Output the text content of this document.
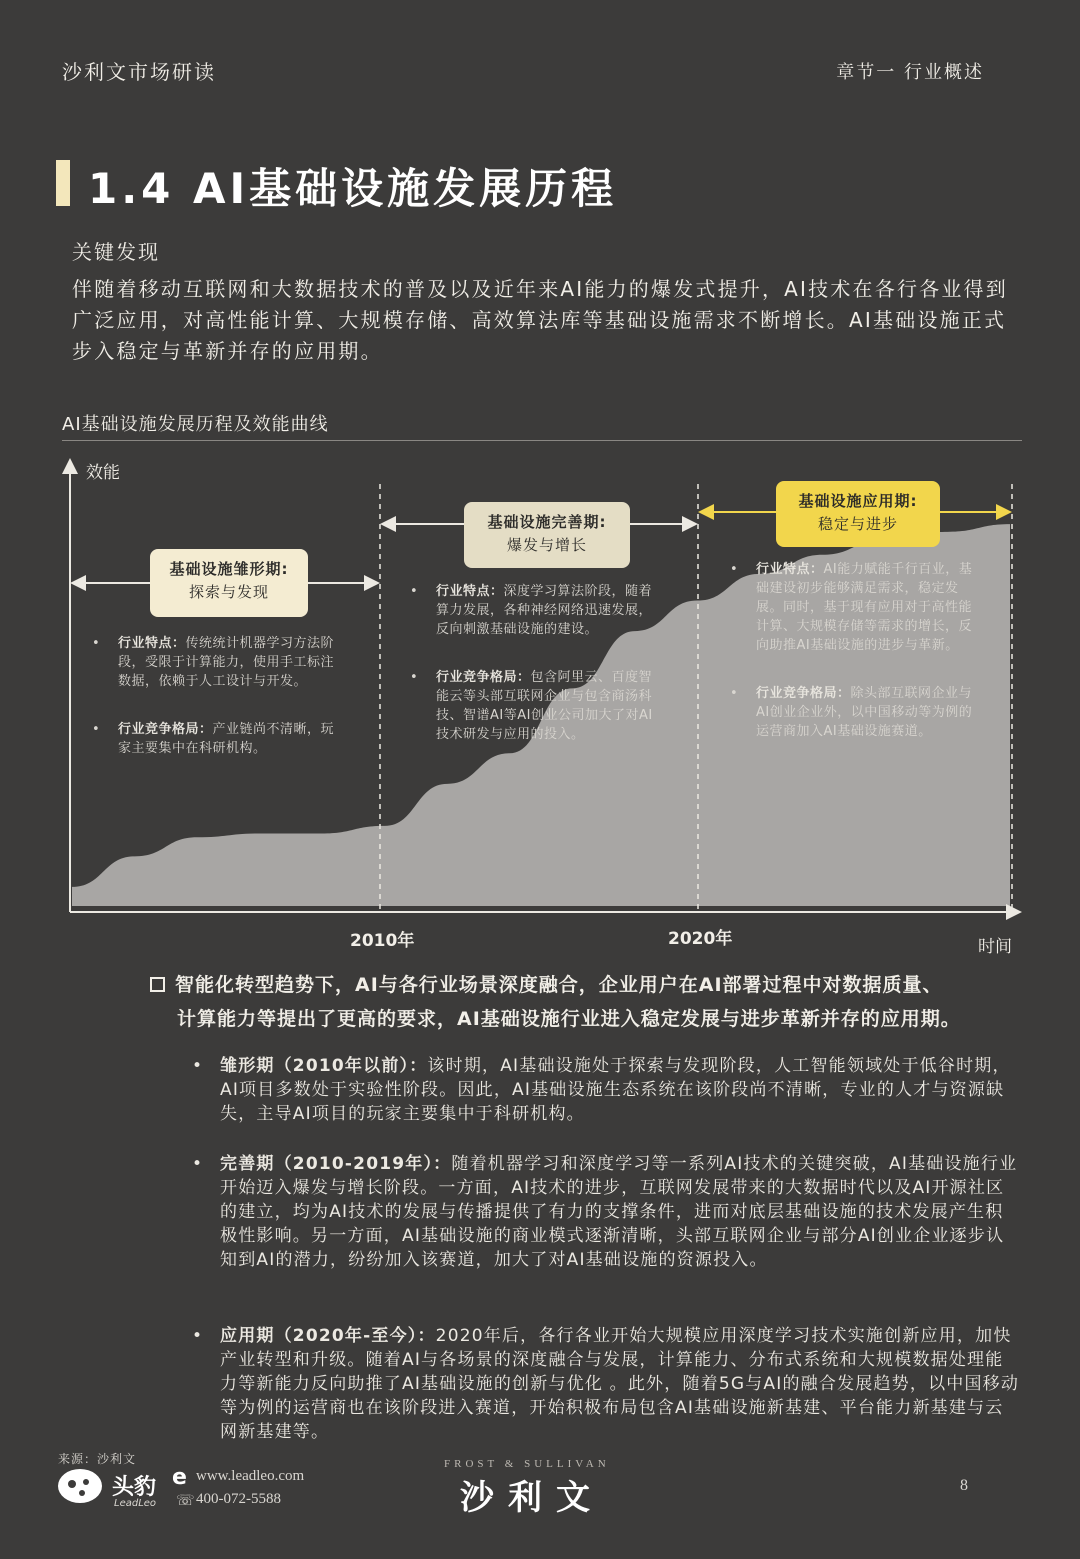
沙利文市场研读	章节一 行业概述
1.4 AI基础设施发展历程
关键发现
伴随着移动互联网和大数据技术的普及以及近年来AI能力的爆发式提升，AI技术在各行各业得到广泛应用，对高性能计算、大规模存储、高效算法库等基础设施需求不断增长。AI基础设施正式步入稳定与革新并存的应用期。
AI基础设施发展历程及效能曲线
效能
时间
2010年	2020年
基础设施雏形期:
探索与发现
基础设施完善期:
爆发与增长
基础设施应用期:
稳定与进步
• 行业特点：传统统计机器学习方法阶段，受限于计算能力，使用手工标注数据，依赖于人工设计与开发。
• 行业竞争格局：产业链尚不清晰，玩家主要集中在科研机构。
• 行业特点：深度学习算法阶段，随着算力发展，各种神经网络迅速发展，反向刺激基础设施的建设。
• 行业竞争格局：包含阿里云、百度智能云等头部互联网企业与包含商汤科技、智谱AI等AI创业公司加大了对AI技术研发与应用的投入。
• 行业特点：AI能力赋能千行百业，基础建设初步能够满足需求，稳定发展。同时，基于现有应用对于高性能计算、大规模存储等需求的增长，反向助推AI基础设施的进步与革新。
• 行业竞争格局：除头部互联网企业与AI创业企业外，以中国移动等为例的运营商加入AI基础设施赛道。
智能化转型趋势下，AI与各行业场景深度融合，企业用户在AI部署过程中对数据质量、
计算能力等提出了更高的要求，AI基础设施行业进入稳定发展与进步革新并存的应用期。
• 雏形期（2010年以前）：该时期，AI基础设施处于探索与发现阶段，人工智能领域处于低谷时期，AI项目多数处于实验性阶段。因此，AI基础设施生态系统在该阶段尚不清晰，专业的人才与资源缺失，主导AI项目的玩家主要集中于科研机构。
• 完善期（2010-2019年）：随着机器学习和深度学习等一系列AI技术的关键突破，AI基础设施行业开始迈入爆发与增长阶段。一方面，AI技术的进步，互联网发展带来的大数据时代以及AI开源社区的建立，均为AI技术的发展与传播提供了有力的支撑条件，进而对底层基础设施的技术发展产生积极性影响。另一方面，AI基础设施的商业模式逐渐清晰，头部互联网企业与部分AI创业企业逐步认知到AI的潜力，纷纷加入该赛道，加大了对AI基础设施的资源投入。
• 应用期（2020年-至今）：2020年后，各行各业开始大规模应用深度学习技术实施创新应用，加快产业转型和升级。随着AI与各场景的深度融合与发展，计算能力、分布式系统和大规模数据处理能力等新能力反向助推了AI基础设施的创新与优化 。此外，随着5G与AI的融合发展趋势，以中国移动等为例的运营商也在该阶段进入赛道，开始积极布局包含AI基础设施新基建、平台能力新基建与云网新基建等。
来源：沙利文
头豹
LeadLeo
e www.leadleo.com
☏ 400-072-5588
FROST & SULLIVAN
沙利文	8
